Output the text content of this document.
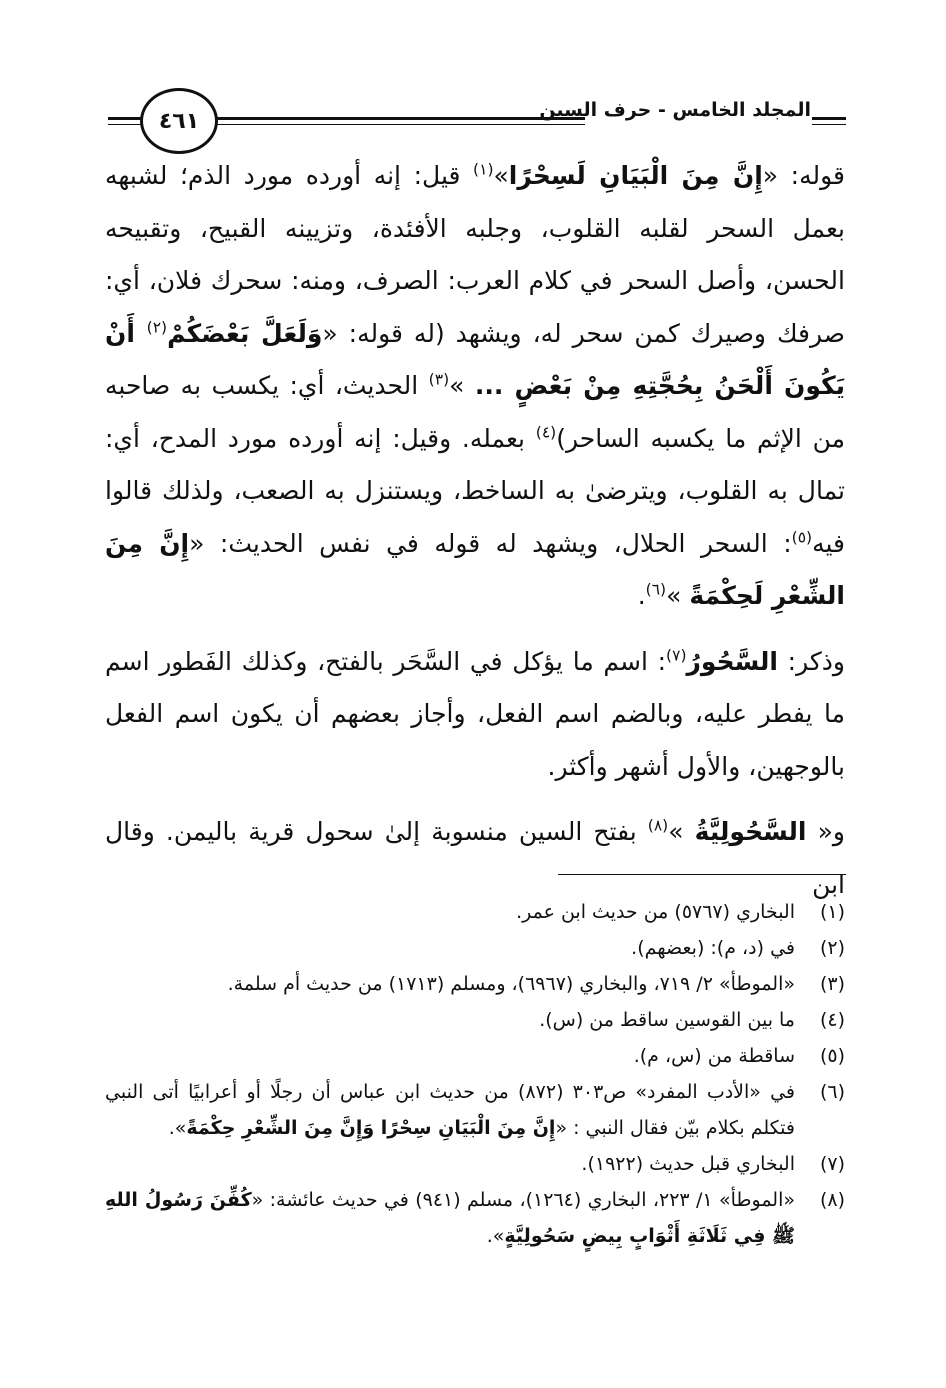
٤٦١	المجلد الخامس - حرف السين

قوله: «إِنَّ مِنَ الْبَيَانِ لَسِحْرًا»$^{(١)}$ قيل: إنه أورده مورد الذم؛ لشبهه بعمل السحر لقلبه القلوب، وجلبه الأفئدة، وتزيينه القبيح، وتقبيحه الحسن، وأصل السحر في كلام العرب: الصرف، ومنه: سحرك فلان، أي: صرفك وصيرك كمن سحر له، ويشهد (له قوله: «وَلَعَلَّ بَعْضَكُمْ$^{(٢)}$ أَنْ يَكُونَ أَلْحَنُ بِحُجَّتِهِ مِنْ بَعْضٍ ... »$^{(٣)}$ الحديث، أي: يكسب به صاحبه من الإثم ما يكسبه الساحر)$^{(٤)}$ بعمله. وقيل: إنه أورده مورد المدح، أي: تمال به القلوب، ويترضىٰ به الساخط، ويستنزل به الصعب، ولذلك قالوا فيه$^{(٥)}$: السحر الحلال، ويشهد له قوله في نفس الحديث: «إِنَّ مِنَ الشِّعْرِ لَحِكْمَةً »$^{(٦)}$.

وذكر: السَّحُورُ$^{(٧)}$: اسم ما يؤكل في السَّحَر بالفتح، وكذلك الفَطور اسم ما يفطر عليه، وبالضم اسم الفعل، وأجاز بعضهم أن يكون اسم الفعل بالوجهين، والأول أشهر وأكثر.

و« السَّحُولِيَّةُ »$^{(٨)}$ بفتح السين منسوبة إلىٰ سحول قرية باليمن. وقال ابن

(١)
البخاري (٥٧٦٧) من حديث ابن عمر.
(٢)
في (د، م): (بعضهم).
(٣)
«الموطأ» ٢/ ٧١٩، والبخاري (٦٩٦٧)، ومسلم (١٧١٣) من حديث أم سلمة.
(٤)
ما بين القوسين ساقط من (س).
(٥)
ساقطة من (س، م).
(٦)
في «الأدب المفرد» ص٣٠٣ (٨٧٢) من حديث ابن عباس أن رجلًا أو أعرابيًا أتى النبي فتكلم بكلام بيّن فقال النبي : «إِنَّ مِنَ الْبَيَانِ سِحْرًا وَإِنَّ مِنَ الشِّعْرِ حِكْمَةً».
(٧)
البخاري قبل حديث (١٩٢٢).
(٨)
«الموطأ» ١/ ٢٢٣، البخاري (١٢٦٤)، مسلم (٩٤١) في حديث عائشة: «كُفِّنَ رَسُولُ اللهِ ﷺ فِي ثَلَاثَةِ أَثْوَابٍ بِيضٍ سَحُولِيَّةٍ».
